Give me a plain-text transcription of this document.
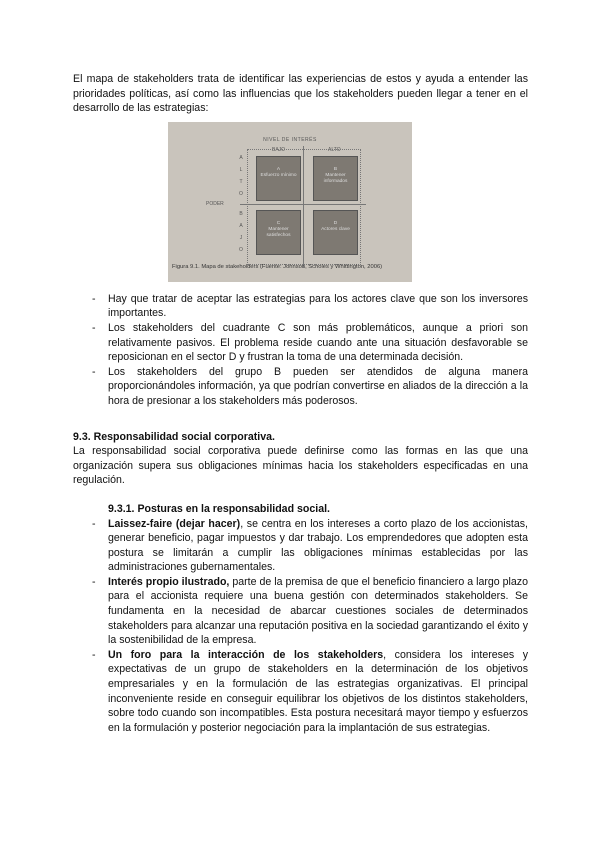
El mapa de stakeholders trata de identificar las experiencias de estos y ayuda a entender las prioridades políticas, así como las influencias que los stakeholders pueden llegar a tener en el desarrollo de las estrategias:

NIVEL DE INTERÉS
BAJO	ALTO
A
L
T
O
B
A
J
O
PODER
A
Esfuerzo mínimo
B
Mantener informados
C
Mantener satisfechos
D
Actores clave
Figura 9.1. Mapa de stakeholders (Fuente: Johnson, Scholes y Whittington, 2006)
- Hay que tratar de aceptar las estrategias para los actores clave que son los inversores importantes.
- Los stakeholders del cuadrante C son más problemáticos, aunque a priori son relativamente pasivos. El problema reside cuando ante una situación desfavorable se reposicionan en el sector D y frustran la toma de una determinada decisión.
- Los stakeholders del grupo B pueden ser atendidos de alguna manera proporcionándoles información, ya que podrían convertirse en aliados de la dirección a la hora de presionar a los stakeholders más poderosos.
9.3. Responsabilidad social corporativa.

La responsabilidad social corporativa puede definirse como las formas en las que una organización supera sus obligaciones mínimas hacia los stakeholders especificadas en una regulación.

9.3.1. Posturas en la responsabilidad social.
- Laissez-faire (dejar hacer), se centra en los intereses a corto plazo de los accionistas, generar beneficio, pagar impuestos y dar trabajo. Los emprendedores que adopten esta postura se limitarán a cumplir las obligaciones mínimas establecidas por las administraciones gubernamentales.
- Interés propio ilustrado, parte de la premisa de que el beneficio financiero a largo plazo para el accionista requiere una buena gestión con determinados stakeholders. Se fundamenta en la necesidad de abarcar cuestiones sociales de determinados stakeholders para alcanzar una reputación positiva en la sociedad garantizando el éxito y la sostenibilidad de la empresa.
- Un foro para la interacción de los stakeholders, considera los intereses y expectativas de un grupo de stakeholders en la determinación de los objetivos empresariales y en la formulación de las estrategias organizativas. El principal inconveniente reside en conseguir equilibrar los objetivos de los distintos stakeholders, sobre todo cuando son incompatibles. Esta postura necesitará mayor tiempo y esfuerzos en la formulación y posterior negociación para la implantación de sus estrategias.
